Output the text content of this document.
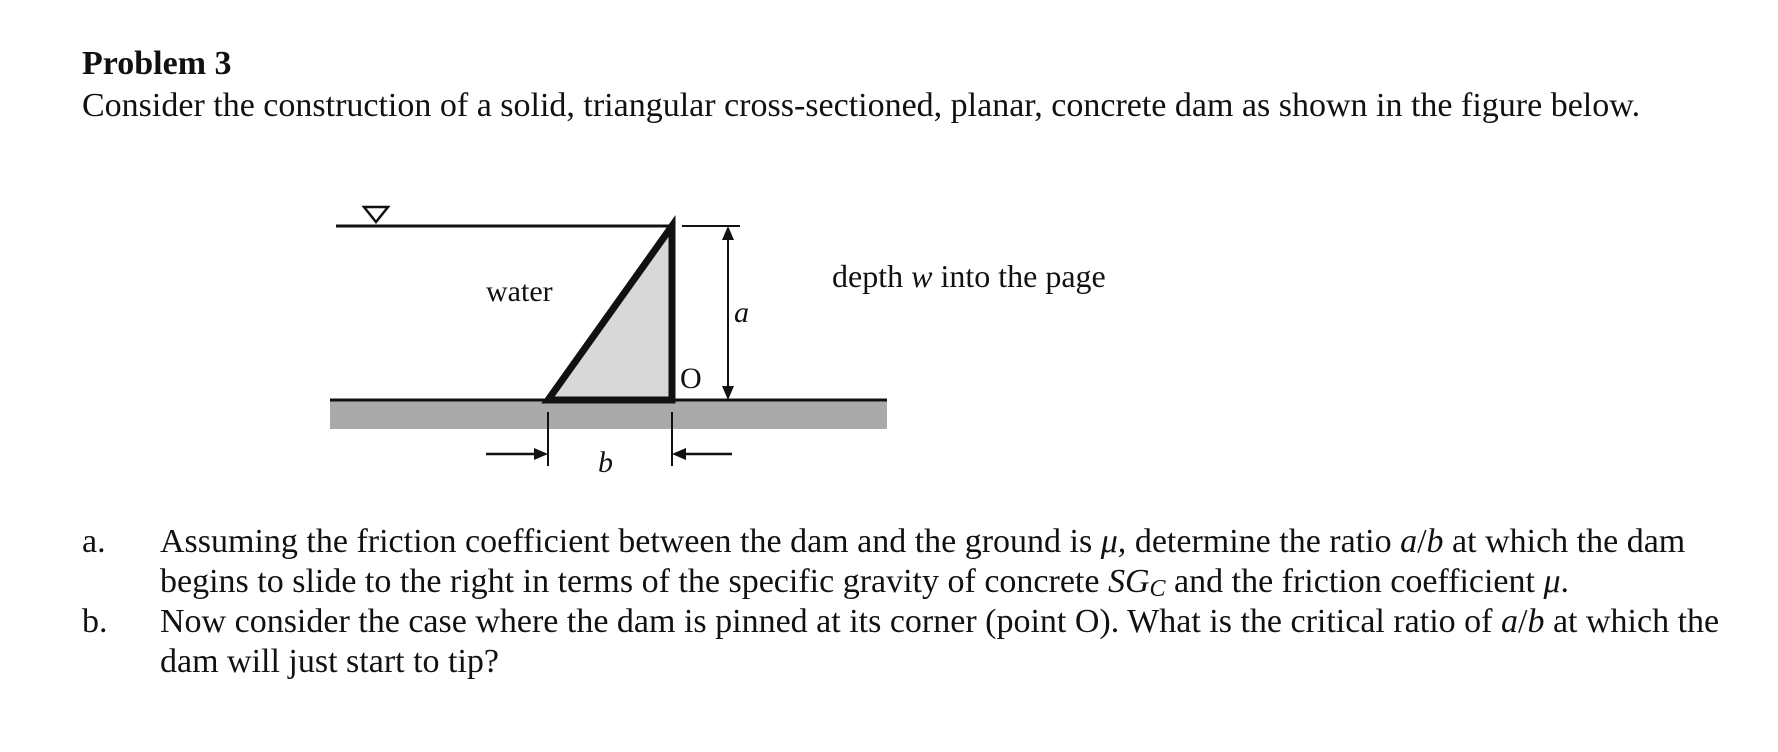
Problem 3
Consider the construction of a solid, triangular cross-sectioned, planar, concrete dam as shown in the figure below.
water	depth w into the page
a
O
b
a. Assuming the friction coefficient between the dam and the ground is μ, determine the ratio a/b at which the dam begins to slide to the right in terms of the specific gravity of concrete $SG_C$ and the friction coefficient μ.
b. Now consider the case where the dam is pinned at its corner (point O). What is the critical ratio of a/b at which the dam will just start to tip?
